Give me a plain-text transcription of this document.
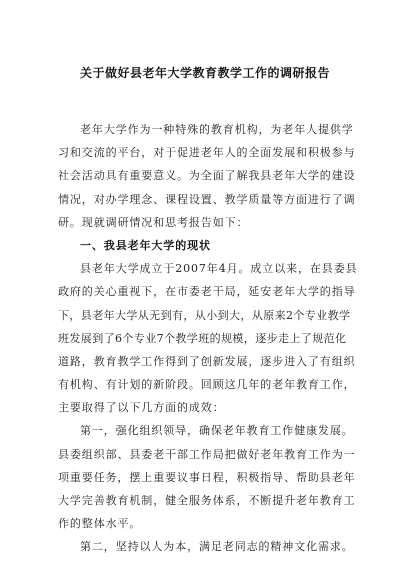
关于做好县老年大学教育教学工作的调研报告
老年大学作为一种特殊的教育机构，为老年人提供学
习和交流的平台，对于促进老年人的全面发展和积极参与
社会活动具有重要意义。为全面了解我县老年大学的建设
情况，对办学理念、课程设置、教学质量等方面进行了调
研。现就调研情况和思考报告如下：
一、我县老年大学的现状
县老年大学成立于2007年4月。成立以来，在县委县
政府的关心重视下，在市委老干局，延安老年大学的指导
下，县老年大学从无到有，从小到大，从原来2个专业教学
班发展到了6个专业7个教学班的规模，逐步走上了规范化
道路，教育教学工作得到了创新发展，逐步进入了有组织
有机构、有计划的新阶段。回顾这几年的老年教育工作，
主要取得了以下几方面的成效：
第一，强化组织领导，确保老年教育工作健康发展。
县委组织部、县委老干部工作局把做好老年教育工作为一
项重要任务，摆上重要议事日程，积极指导、帮助县老年
大学完善教育机制，健全服务体系，不断提升老年教育工
作的整体水平。
第二，坚持以人为本，满足老同志的精神文化需求。
